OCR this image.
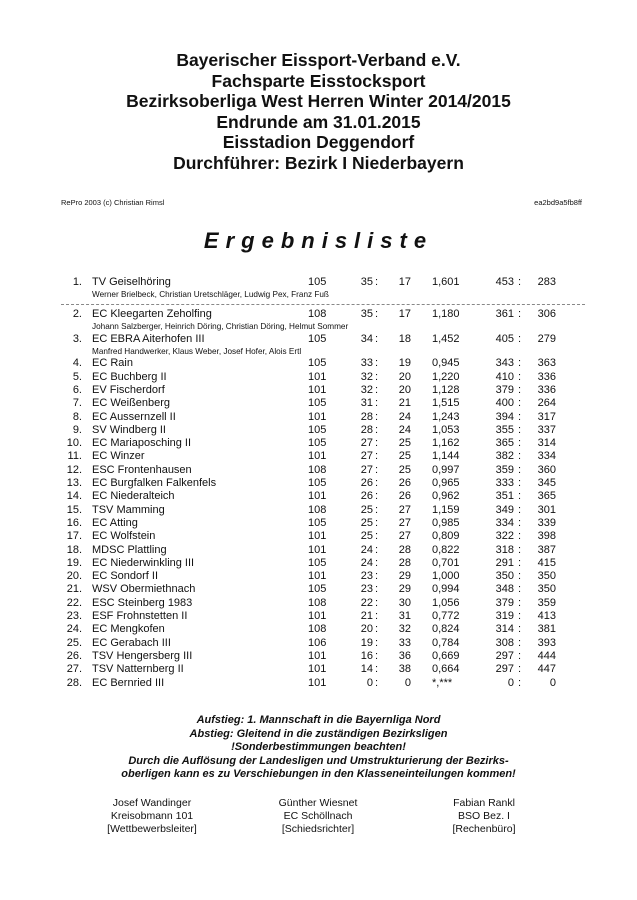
Bayerischer Eissport-Verband e.V.
Fachsparte Eisstocksport
Bezirksoberliga West Herren Winter 2014/2015
Endrunde am 31.01.2015
Eisstadion Deggendorf
Durchführer: Bezirk I Niederbayern
RePro 2003 (c) Christian Rimsl	ea2bd9a5fb8ff
Ergebnisliste
1. TV Geiselhöring	105	35 :	17 1,601	453 :	283
Werner Brielbeck, Christian Uretschläger, Ludwig Pex, Franz Fuß
2. EC Kleegarten Zeholfing	108	35 :	17 1,180	361 :	306
Johann Salzberger, Heinrich Döring, Christian Döring, Helmut Sommer
3. EC EBRA Aiterhofen III	105	34 :	18 1,452	405 :	279
Manfred Handwerker, Klaus Weber, Josef Hofer, Alois Ertl
4. EC Rain	105	33 :	19 0,945	343 :	363
5. EC Buchberg II	101	32 :	20 1,220	410 :	336
6. EV Fischerdorf	101	32 :	20 1,128	379 :	336
7. EC Weißenberg	105	31 :	21 1,515	400 :	264
8. EC Aussernzell II	101	28 :	24 1,243	394 :	317
9. SV Windberg II	105	28 :	24 1,053	355 :	337
10. EC Mariaposching II	105	27 :	25 1,162	365 :	314
11. EC Winzer	101	27 :	25 1,144	382 :	334
12. ESC Frontenhausen	108	27 :	25 0,997	359 :	360
13. EC Burgfalken Falkenfels	105	26 :	26 0,965	333 :	345
14. EC Niederalteich	101	26 :	26 0,962	351 :	365
15. TSV Mamming	108	25 :	27 1,159	349 :	301
16. EC Atting	105	25 :	27 0,985	334 :	339
17. EC Wolfstein	101	25 :	27 0,809	322 :	398
18. MDSC Plattling	101	24 :	28 0,822	318 :	387
19. EC Niederwinkling III	105	24 :	28 0,701	291 :	415
20. EC Sondorf II	101	23 :	29 1,000	350 :	350
21. WSV Obermiethnach	105	23 :	29 0,994	348 :	350
22. ESC Steinberg 1983	108	22 :	30 1,056	379 :	359
23. ESF Frohnstetten II	101	21 :	31 0,772	319 :	413
24. EC Mengkofen	108	20 :	32 0,824	314 :	381
25. EC Gerabach III	106	19 :	33 0,784	308 :	393
26. TSV Hengersberg III	101	16 :	36 0,669	297 :	444
27. TSV Natternberg II	101	14 :	38 0,664	297 :	447
28. EC Bernried III	101	0 :	0 *,***	0 :	0
Aufstieg: 1. Mannschaft in die Bayernliga Nord
Abstieg: Gleitend in die zuständigen Bezirksligen
!Sonderbestimmungen beachten!
Durch die Auflösung der Landesligen und Umstrukturierung der Bezirks-
oberligen kann es zu Verschiebungen in den Klasseneinteilungen kommen!
Josef Wandinger
Kreisobmann 101
[Wettbewerbsleiter]
Günther Wiesnet
EC Schöllnach
[Schiedsrichter]
Fabian Rankl
BSO Bez. I
[Rechenbüro]
